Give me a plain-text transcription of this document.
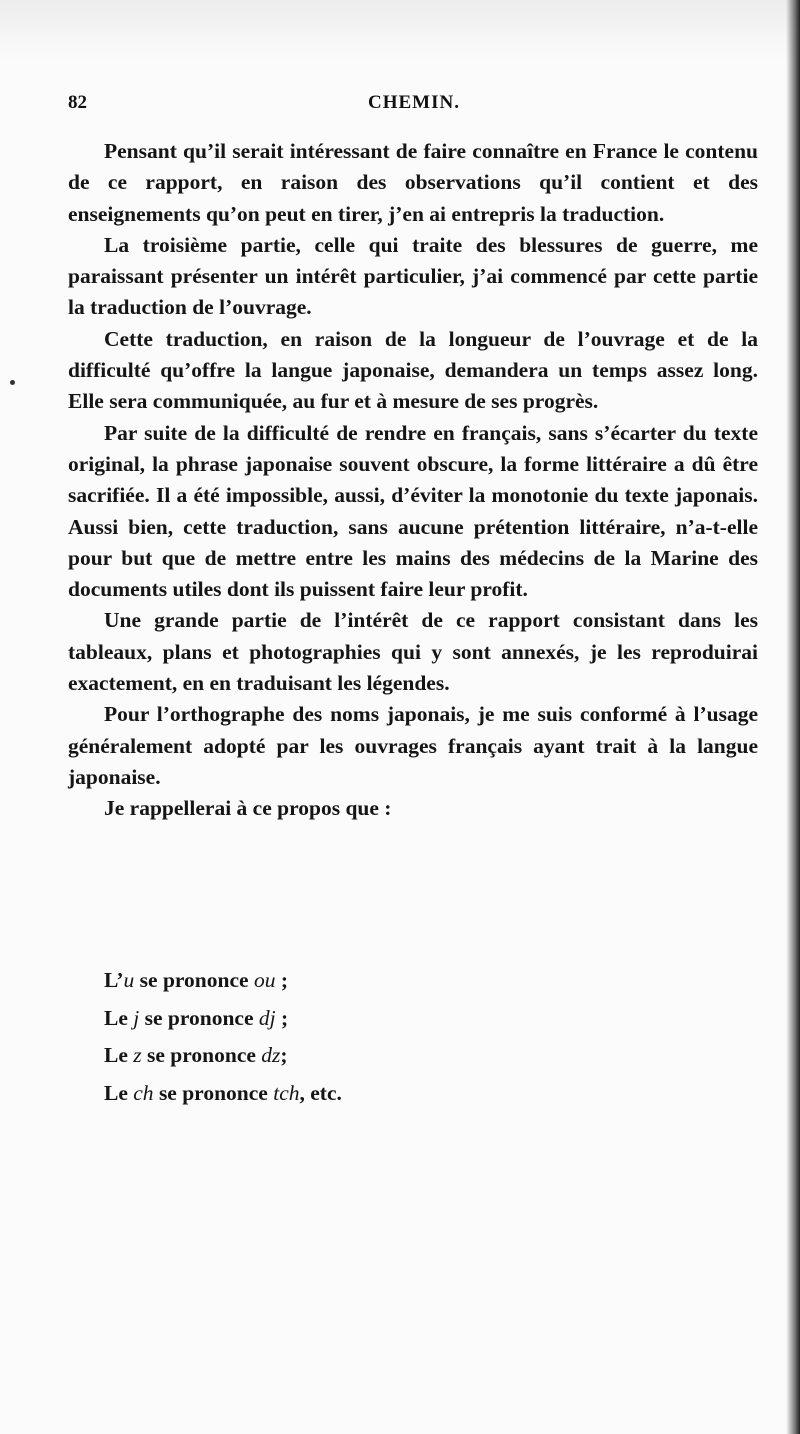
82	CHEMIN.

Pensant qu’il serait intéressant de faire connaître en France le contenu de ce rapport, en raison des observations qu’il contient et des enseignements qu’on peut en tirer, j’en ai entrepris la traduction.

La troisième partie, celle qui traite des blessures de guerre, me paraissant présenter un intérêt particulier, j’ai commencé par cette partie la traduction de l’ouvrage.

Cette traduction, en raison de la longueur de l’ouvrage et de la difficulté qu’offre la langue japonaise, demandera un temps assez long. Elle sera communiquée, au fur et à mesure de ses progrès.

Par suite de la difficulté de rendre en français, sans s’écarter du texte original, la phrase japonaise souvent obscure, la forme littéraire a dû être sacrifiée. Il a été impossible, aussi, d’éviter la monotonie du texte japonais. Aussi bien, cette traduction, sans aucune prétention littéraire, n’a-t-elle pour but que de mettre entre les mains des médecins de la Marine des documents utiles dont ils puissent faire leur profit.

Une grande partie de l’intérêt de ce rapport consistant dans les tableaux, plans et photographies qui y sont annexés, je les reproduirai exactement, en en traduisant les légendes.

Pour l’orthographe des noms japonais, je me suis conformé à l’usage généralement adopté par les ouvrages français ayant trait à la langue japonaise.

Je rappellerai à ce propos que :

L’u se prononce ou ;
Le j se prononce dj ;
Le z se prononce dz;
Le ch se prononce tch, etc.
